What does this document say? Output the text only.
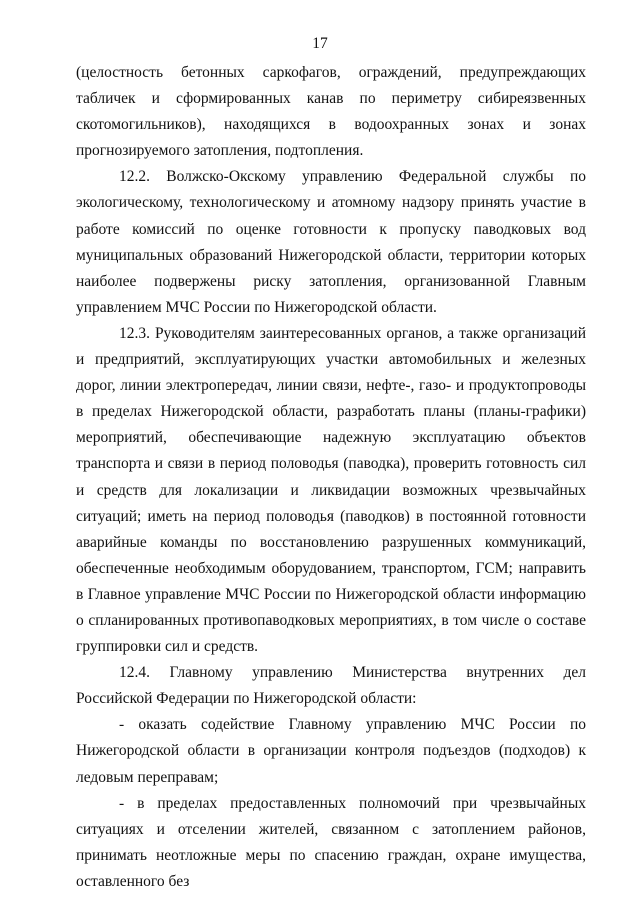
17

(целостность бетонных саркофагов, ограждений, предупреждающих табличек и сформированных канав по периметру сибиреязвенных скотомогильников), находящихся в водоохранных зонах и зонах прогнозируемого затопления, подтопления.

12.2. Волжско-Окскому управлению Федеральной службы по экологическому, технологическому и атомному надзору принять участие в работе комиссий по оценке готовности к пропуску паводковых вод муниципальных образований Нижегородской области, территории которых наиболее подвержены риску затопления, организованной Главным управлением МЧС России по Нижегородской области.

12.3. Руководителям заинтересованных органов, а также организаций и предприятий, эксплуатирующих участки автомобильных и железных дорог, линии электропередач, линии связи, нефте-, газо- и продуктопроводы в пределах Нижегородской области, разработать планы (планы-графики) мероприятий, обеспечивающие надежную эксплуатацию объектов транспорта и связи в период половодья (паводка), проверить готовность сил и средств для локализации и ликвидации возможных чрезвычайных ситуаций; иметь на период половодья (паводков) в постоянной готовности аварийные команды по восстановлению разрушенных коммуникаций, обеспеченные необходимым оборудованием, транспортом, ГСМ; направить в Главное управление МЧС России по Нижегородской области информацию о спланированных противопаводковых мероприятиях, в том числе о составе группировки сил и средств.

12.4. Главному управлению Министерства внутренних дел Российской Федерации по Нижегородской области:

- оказать содействие Главному управлению МЧС России по Нижегородской области в организации контроля подъездов (подходов) к ледовым переправам;

- в пределах предоставленных полномочий при чрезвычайных ситуациях и отселении жителей, связанном с затоплением районов, принимать неотложные меры по спасению граждан, охране имущества, оставленного без
